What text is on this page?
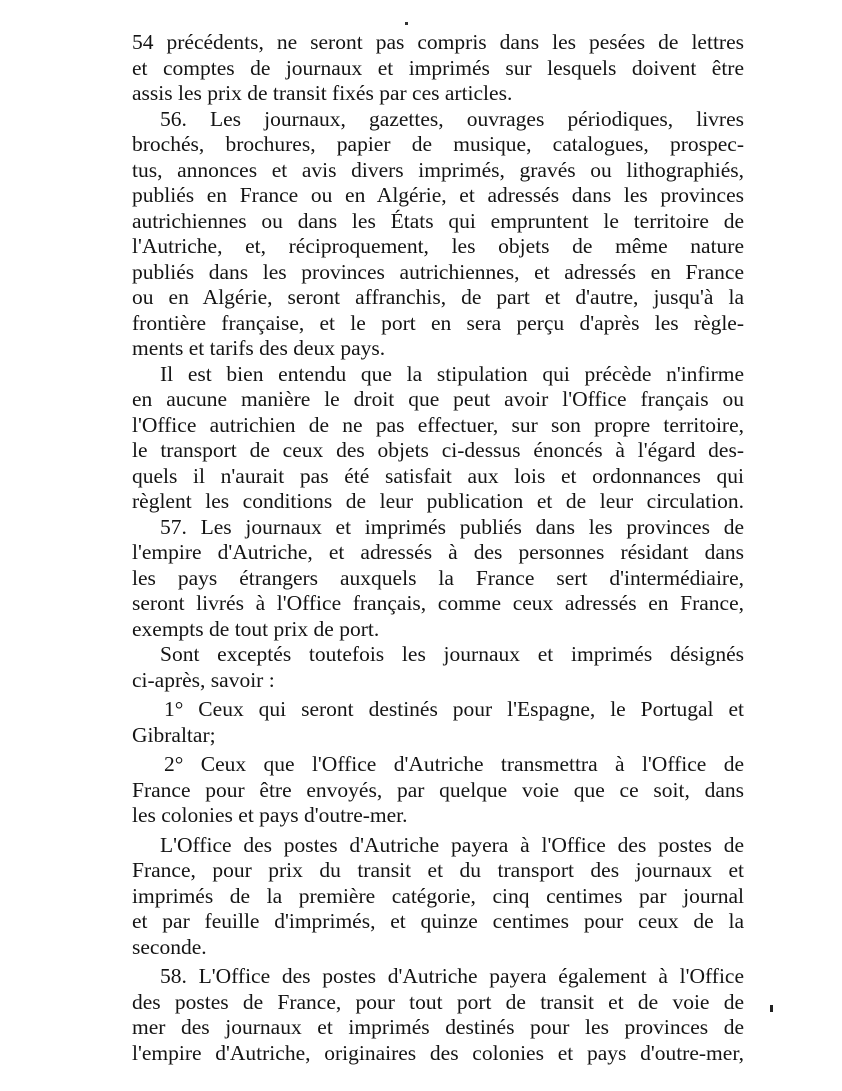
54 précédents, ne seront pas compris dans les pesées de lettres
et comptes de journaux et imprimés sur lesquels doivent être
assis les prix de transit fixés par ces articles.
56. Les journaux, gazettes, ouvrages périodiques, livres
brochés, brochures, papier de musique, catalogues, prospec-
tus, annonces et avis divers imprimés, gravés ou lithographiés,
publiés en France ou en Algérie, et adressés dans les provinces
autrichiennes ou dans les États qui empruntent le territoire de
l'Autriche, et, réciproquement, les objets de même nature
publiés dans les provinces autrichiennes, et adressés en France
ou en Algérie, seront affranchis, de part et d'autre, jusqu'à la
frontière française, et le port en sera perçu d'après les règle-
ments et tarifs des deux pays.
Il est bien entendu que la stipulation qui précède n'infirme
en aucune manière le droit que peut avoir l'Office français ou
l'Office autrichien de ne pas effectuer, sur son propre territoire,
le transport de ceux des objets ci-dessus énoncés à l'égard des-
quels il n'aurait pas été satisfait aux lois et ordonnances qui
règlent les conditions de leur publication et de leur circulation.
57. Les journaux et imprimés publiés dans les provinces de
l'empire d'Autriche, et adressés à des personnes résidant dans
les pays étrangers auxquels la France sert d'intermédiaire,
seront livrés à l'Office français, comme ceux adressés en France,
exempts de tout prix de port.
Sont exceptés toutefois les journaux et imprimés désignés
ci-après, savoir :
1° Ceux qui seront destinés pour l'Espagne, le Portugal et
Gibraltar;
2° Ceux que l'Office d'Autriche transmettra à l'Office de
France pour être envoyés, par quelque voie que ce soit, dans
les colonies et pays d'outre-mer.
L'Office des postes d'Autriche payera à l'Office des postes de
France, pour prix du transit et du transport des journaux et
imprimés de la première catégorie, cinq centimes par journal
et par feuille d'imprimés, et quinze centimes pour ceux de la
seconde.
58. L'Office des postes d'Autriche payera également à l'Office
des postes de France, pour tout port de transit et de voie de
mer des journaux et imprimés destinés pour les provinces de
l'empire d'Autriche, originaires des colonies et pays d'outre-mer,
